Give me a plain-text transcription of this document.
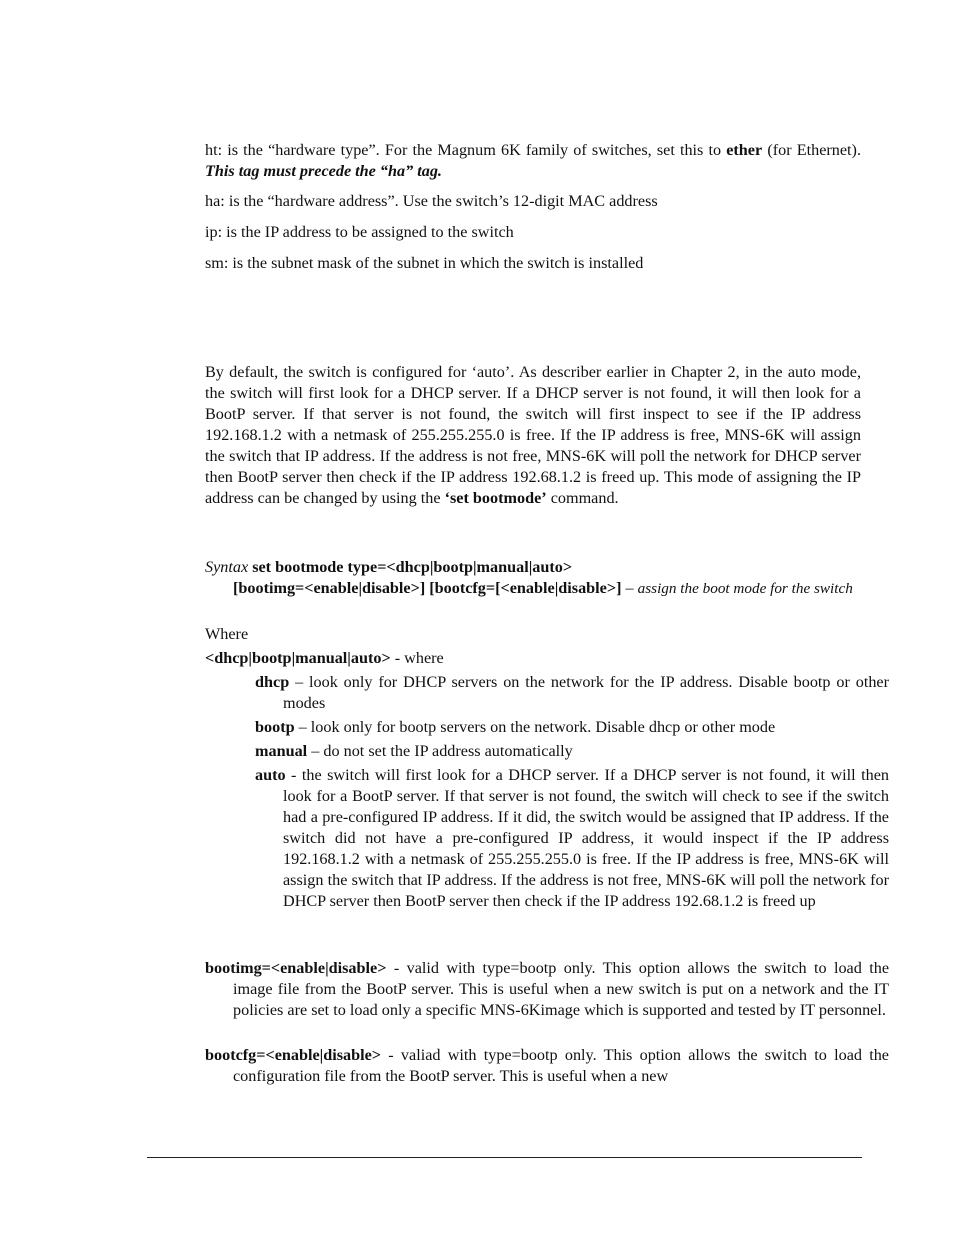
ht: is the “hardware type”. For the Magnum 6K family of switches, set this to ether (for Ethernet). This tag must precede the “ha” tag.
ha: is the “hardware address”. Use the switch’s 12-digit MAC address
ip: is the IP address to be assigned to the switch
sm: is the subnet mask of the subnet in which the switch is installed
By default, the switch is configured for ‘auto’. As describer earlier in Chapter 2, in the auto mode, the switch will first look for a DHCP server. If a DHCP server is not found, it will then look for a BootP server. If that server is not found, the switch will first inspect to see if the IP address 192.168.1.2 with a netmask of 255.255.255.0 is free. If the IP address is free, MNS-6K will assign the switch that IP address. If the address is not free, MNS-6K will poll the network for DHCP server then BootP server then check if the IP address 192.68.1.2 is freed up. This mode of assigning the IP address can be changed by using the ‘set bootmode’ command.
Syntax set bootmode type=<dhcp|bootp|manual|auto>
[bootimg=<enable|disable>] [bootcfg=[<enable|disable>] – assign the boot mode for the switch
Where
<dhcp|bootp|manual|auto> - where
dhcp – look only for DHCP servers on the network for the IP address. Disable bootp or other modes
bootp – look only for bootp servers on the network. Disable dhcp or other mode
manual – do not set the IP address automatically
auto - the switch will first look for a DHCP server. If a DHCP server is not found, it will then look for a BootP server. If that server is not found, the switch will check to see if the switch had a pre-configured IP address. If it did, the switch would be assigned that IP address. If the switch did not have a pre-configured IP address, it would inspect if the IP address 192.168.1.2 with a netmask of 255.255.255.0 is free. If the IP address is free, MNS-6K will assign the switch that IP address. If the address is not free, MNS-6K will poll the network for DHCP server then BootP server then check if the IP address 192.68.1.2 is freed up
bootimg=<enable|disable> - valid with type=bootp only. This option allows the switch to load the image file from the BootP server. This is useful when a new switch is put on a network and the IT policies are set to load only a specific MNS-6Kimage which is supported and tested by IT personnel.
bootcfg=<enable|disable> - valiad with type=bootp only. This option allows the switch to load the configuration file from the BootP server. This is useful when a new
